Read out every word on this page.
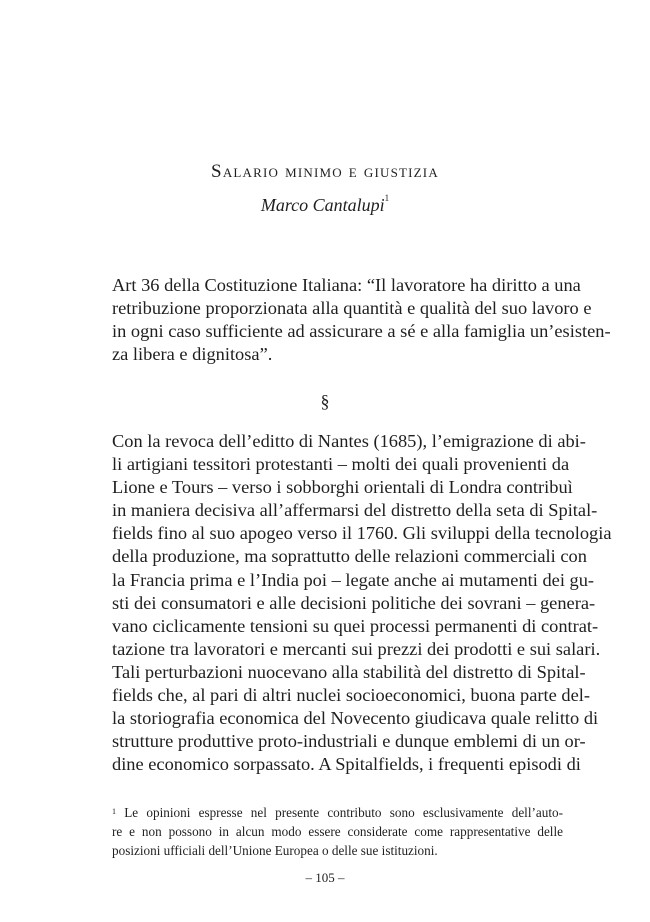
Salario minimo e giustizia

Marco Cantalupi$^1$

Art 36 della Costituzione Italiana: “Il lavoratore ha diritto a una
retribuzione proporzionata alla quantità e qualità del suo lavoro e
in ogni caso sufficiente ad assicurare a sé e alla famiglia un’esisten-
za libera e dignitosa”.

§

Con la revoca dell’editto di Nantes (1685), l’emigrazione di abi-
li artigiani tessitori protestanti – molti dei quali provenienti da
Lione e Tours – verso i sobborghi orientali di Londra contribuì
in maniera decisiva all’affermarsi del distretto della seta di Spital-
fields fino al suo apogeo verso il 1760. Gli sviluppi della tecnologia
della produzione, ma soprattutto delle relazioni commerciali con
la Francia prima e l’India poi – legate anche ai mutamenti dei gu-
sti dei consumatori e alle decisioni politiche dei sovrani – genera-
vano ciclicamente tensioni su quei processi permanenti di contrat-
tazione tra lavoratori e mercanti sui prezzi dei prodotti e sui salari.
Tali perturbazioni nuocevano alla stabilità del distretto di Spital-
fields che, al pari di altri nuclei socioeconomici, buona parte del-
la storiografia economica del Novecento giudicava quale relitto di
strutture produttive proto-industriali e dunque emblemi di un or-
dine economico sorpassato. A Spitalfields, i frequenti episodi di

$^1$ Le opinioni espresse nel presente contributo sono esclusivamente dell’auto-
re e non possono in alcun modo essere considerate come rappresentative delle
posizioni ufficiali dell’Unione Europea o delle sue istituzioni.

– 105 –
